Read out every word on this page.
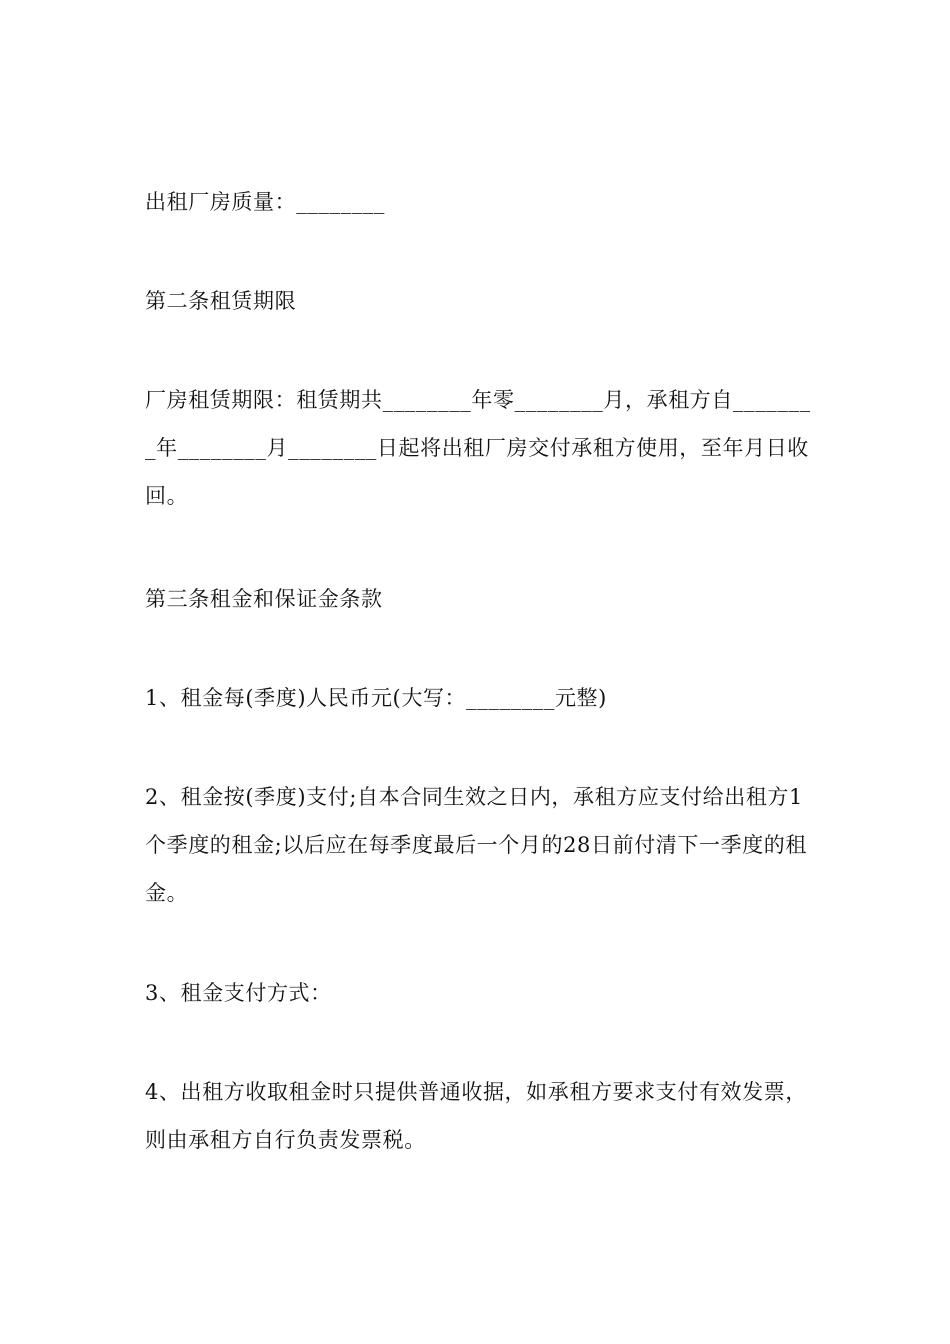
出租厂房质量：________

第二条租赁期限

厂房租赁期限：租赁期共________年零________月，承租方自________年________月________日起将出租厂房交付承租方使用，至年月日收回。

第三条租金和保证金条款

1、租金每(季度)人民币元(大写：________元整)

2、租金按(季度)支付;自本合同生效之日内，承租方应支付给出租方1个季度的租金;以后应在每季度最后一个月的28日前付清下一季度的租金。

3、租金支付方式：

4、出租方收取租金时只提供普通收据，如承租方要求支付有效发票，则由承租方自行负责发票税。
